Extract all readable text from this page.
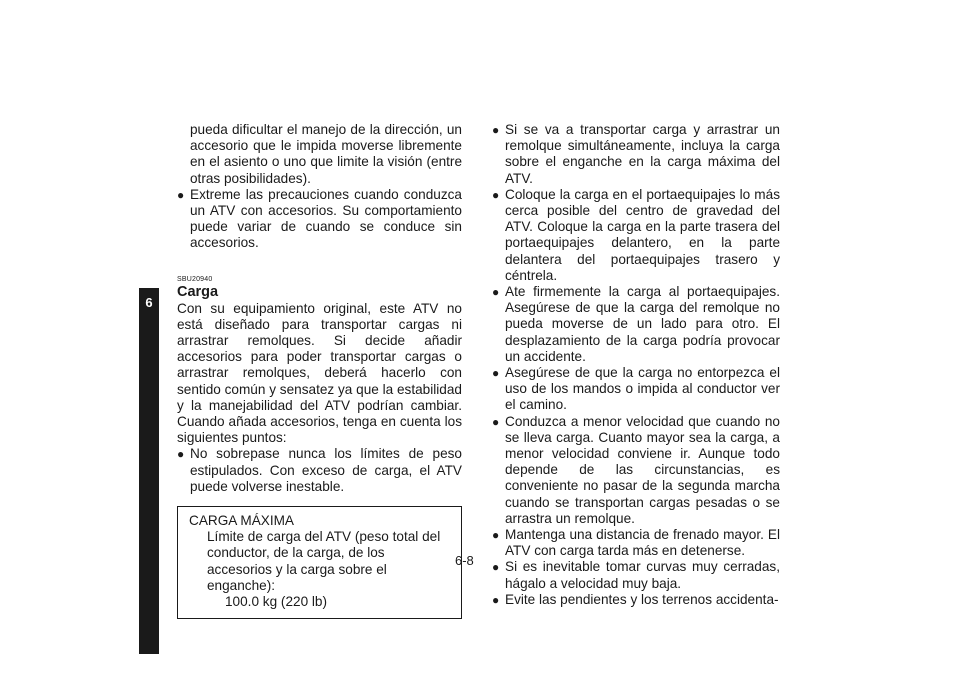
6

pueda dificultar el manejo de la dirección, un accesorio que le impida moverse libremente en el asiento o uno que limite la visión (entre otras posibilidades).

● Extreme las precauciones cuando conduzca un ATV con accesorios. Su comportamiento puede variar de cuando se conduce sin accesorios.

SBU20940
Carga

Con su equipamiento original, este ATV no está diseñado para transportar cargas ni arrastrar remolques. Si decide añadir accesorios para poder transportar cargas o arrastrar remolques, deberá hacerlo con sentido común y sensatez ya que la estabilidad y la manejabilidad del ATV podrían cambiar. Cuando añada accesorios, tenga en cuenta los siguientes puntos:

● No sobrepase nunca los límites de peso estipulados. Con exceso de carga, el ATV puede volverse inestable.

CARGA MÁXIMA
Límite de carga del ATV (peso total del conductor, de la carga, de los accesorios y la carga sobre el enganche):
100.0 kg (220 lb)
● Si se va a transportar carga y arrastrar un remolque simultáneamente, incluya la carga sobre el enganche en la carga máxima del ATV.

● Coloque la carga en el portaequipajes lo más cerca posible del centro de gravedad del ATV. Coloque la carga en la parte trasera del portaequipajes delantero, en la parte delantera del portaequipajes trasero y céntrela.

● Ate firmemente la carga al portaequipajes. Asegúrese de que la carga del remolque no pueda moverse de un lado para otro. El desplazamiento de la carga podría provocar un accidente.

● Asegúrese de que la carga no entorpezca el uso de los mandos o impida al conductor ver el camino.

● Conduzca a menor velocidad que cuando no se lleva carga. Cuanto mayor sea la carga, a menor velocidad conviene ir. Aunque todo depende de las circunstancias, es conveniente no pasar de la segunda marcha cuando se transportan cargas pesadas o se arrastra un remolque.

● Mantenga una distancia de frenado mayor. El ATV con carga tarda más en detenerse.

● Si es inevitable tomar curvas muy cerradas, hágalo a velocidad muy baja.

● Evite las pendientes y los terrenos accidenta-

6-8
